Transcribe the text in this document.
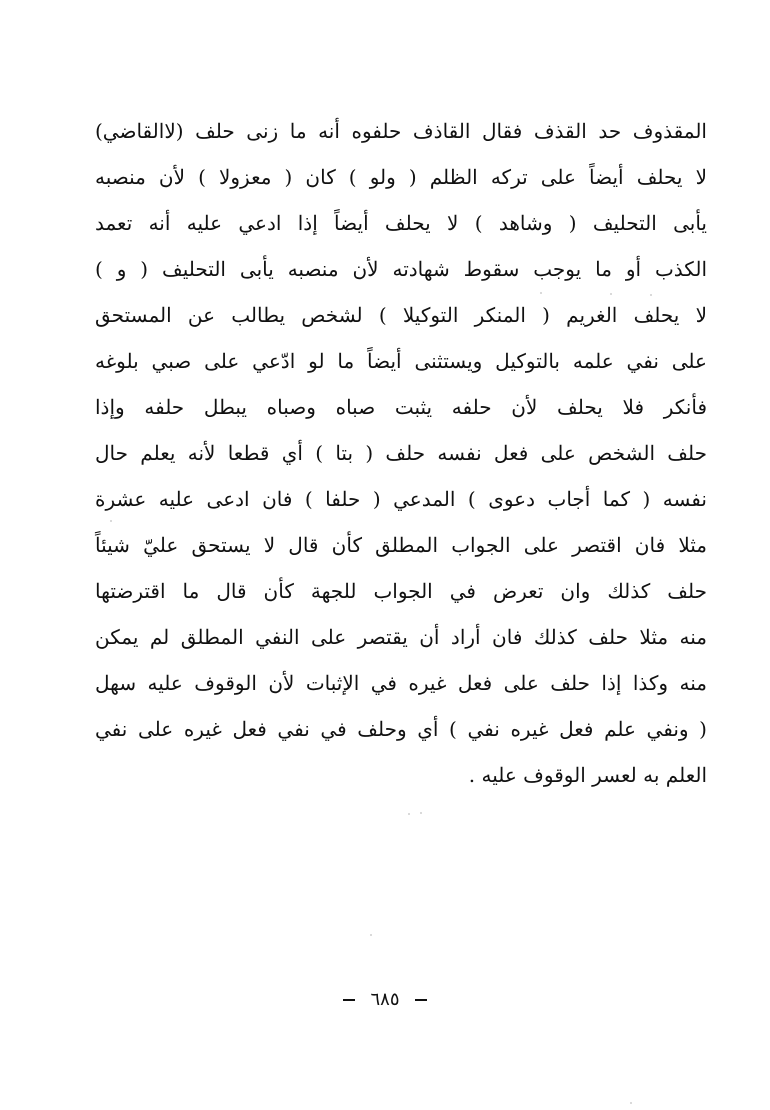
المقذوف حد القذف فقال القاذف حلفوه أنه ما زنى حلف (لاالقاضي)
لا يحلف أيضاً على تركه الظلم ( ولو ) كان ( معزولا ) لأن منصبه
يأبى التحليف ( وشاهد ) لا يحلف أيضاً إذا ادعي عليه أنه تعمد
الكذب أو ما يوجب سقوط شهادته لأن منصبه يأبى التحليف ( و )
لا يحلف الغريم ( المنكر التوكيلا ) لشخص يطالب عن المستحق
على نفي علمه بالتوكيل ويستثنى أيضاً ما لو ادّعي على صبي بلوغه
فأنكر فلا يحلف لأن حلفه يثبت صباه وصباه يبطل حلفه وإذا
حلف الشخص على فعل نفسه حلف ( بتا ) أي قطعا لأنه يعلم حال
نفسه ( كما أجاب دعوى ) المدعي ( حلفا ) فان ادعى عليه عشرة
مثلا فان اقتصر على الجواب المطلق كأن قال لا يستحق عليّ شيئاً
حلف كذلك وان تعرض في الجواب للجهة كأن قال ما اقترضتها
منه مثلا حلف كذلك فان أراد أن يقتصر على النفي المطلق لم يمكن
منه وكذا إذا حلف على فعل غيره في الإثبات لأن الوقوف عليه سهل
( ونفي علم فعل غيره نفي ) أي وحلف في نفي فعل غيره على نفي
العلم به لعسر الوقوف عليه .
٦٨٥
